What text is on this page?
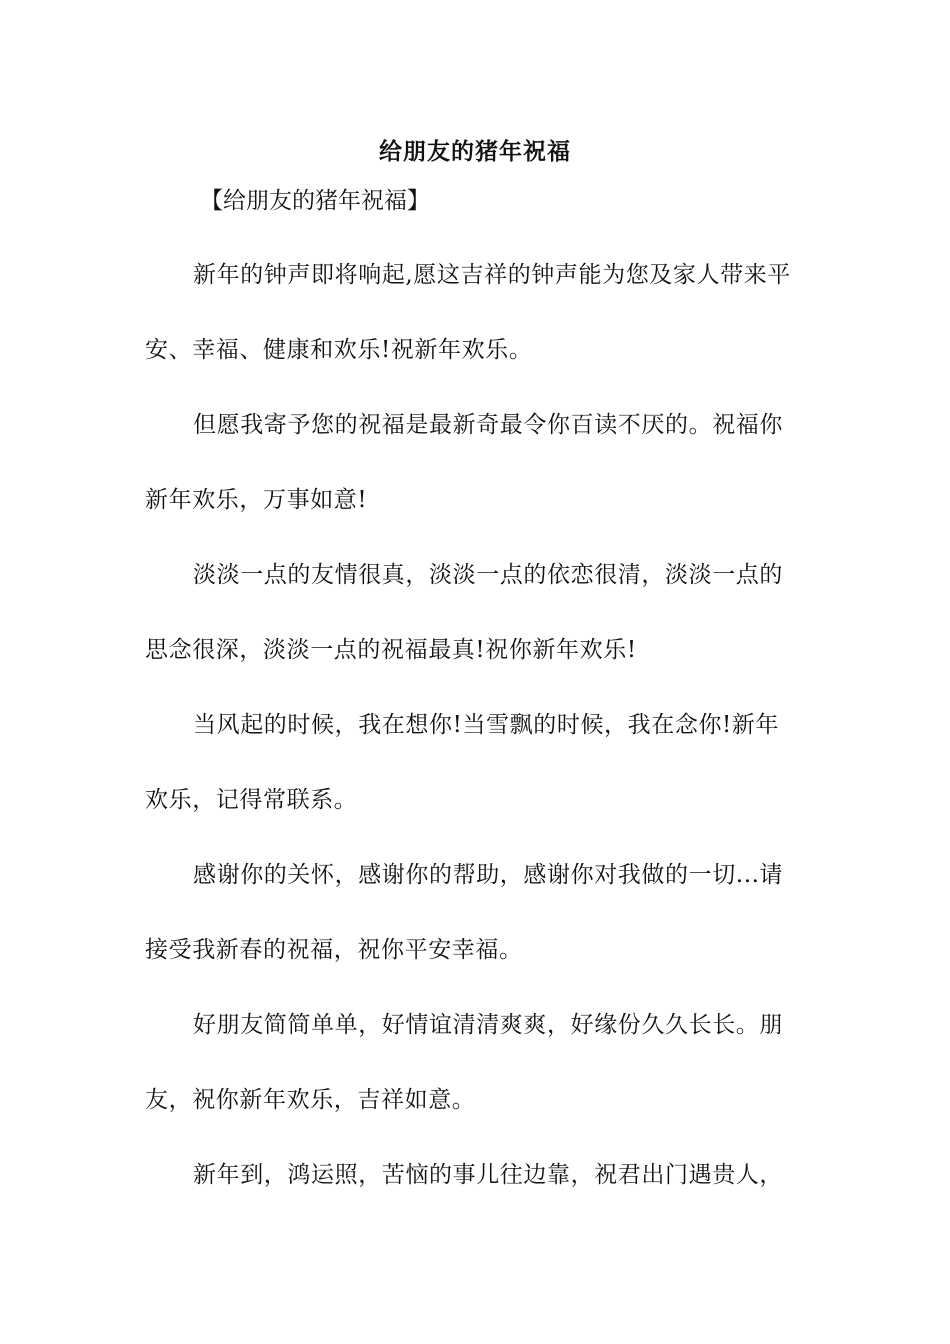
给朋友的猪年祝福
【给朋友的猪年祝福】
新年的钟声即将响起,愿这吉祥的钟声能为您及家人带来平
安、幸福、健康和欢乐!祝新年欢乐。
但愿我寄予您的祝福是最新奇最令你百读不厌的。祝福你
新年欢乐，万事如意!
淡淡一点的友情很真，淡淡一点的依恋很清，淡淡一点的
思念很深，淡淡一点的祝福最真!祝你新年欢乐!
当风起的时候，我在想你!当雪飘的时候，我在念你!新年
欢乐，记得常联系。
感谢你的关怀，感谢你的帮助，感谢你对我做的一切...请
接受我新春的祝福，祝你平安幸福。
好朋友简简单单，好情谊清清爽爽，好缘份久久长长。朋
友，祝你新年欢乐，吉祥如意。
新年到，鸿运照，苦恼的事儿往边靠，祝君出门遇贵人，
